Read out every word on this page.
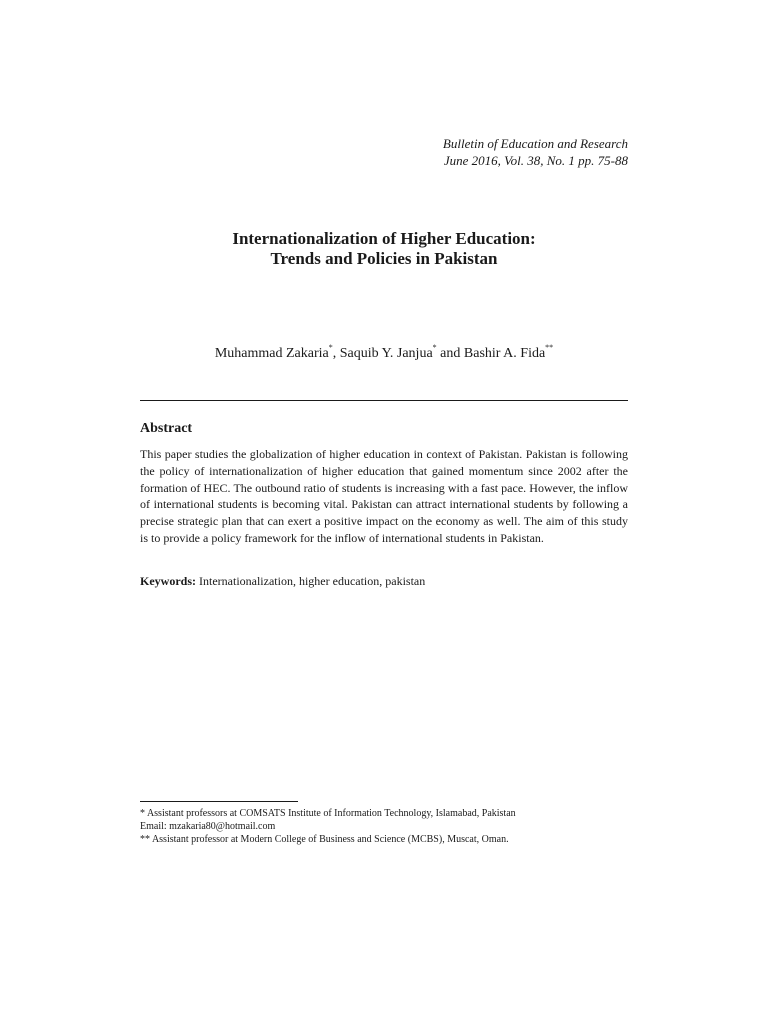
Bulletin of Education and Research
June 2016, Vol. 38, No. 1 pp. 75-88
Internationalization of Higher Education:
Trends and Policies in Pakistan
Muhammad Zakaria*, Saquib Y. Janjua* and Bashir A. Fida**
Abstract

This paper studies the globalization of higher education in context of Pakistan. Pakistan is following the policy of internationalization of higher education that gained momentum since 2002 after the formation of HEC. The outbound ratio of students is increasing with a fast pace. However, the inflow of international students is becoming vital. Pakistan can attract international students by following a precise strategic plan that can exert a positive impact on the economy as well. The aim of this study is to provide a policy framework for the inflow of international students in Pakistan.

Keywords: Internationalization, higher education, pakistan
* Assistant professors at COMSATS Institute of Information Technology, Islamabad, Pakistan
Email: mzakaria80@hotmail.com
** Assistant professor at Modern College of Business and Science (MCBS), Muscat, Oman.
